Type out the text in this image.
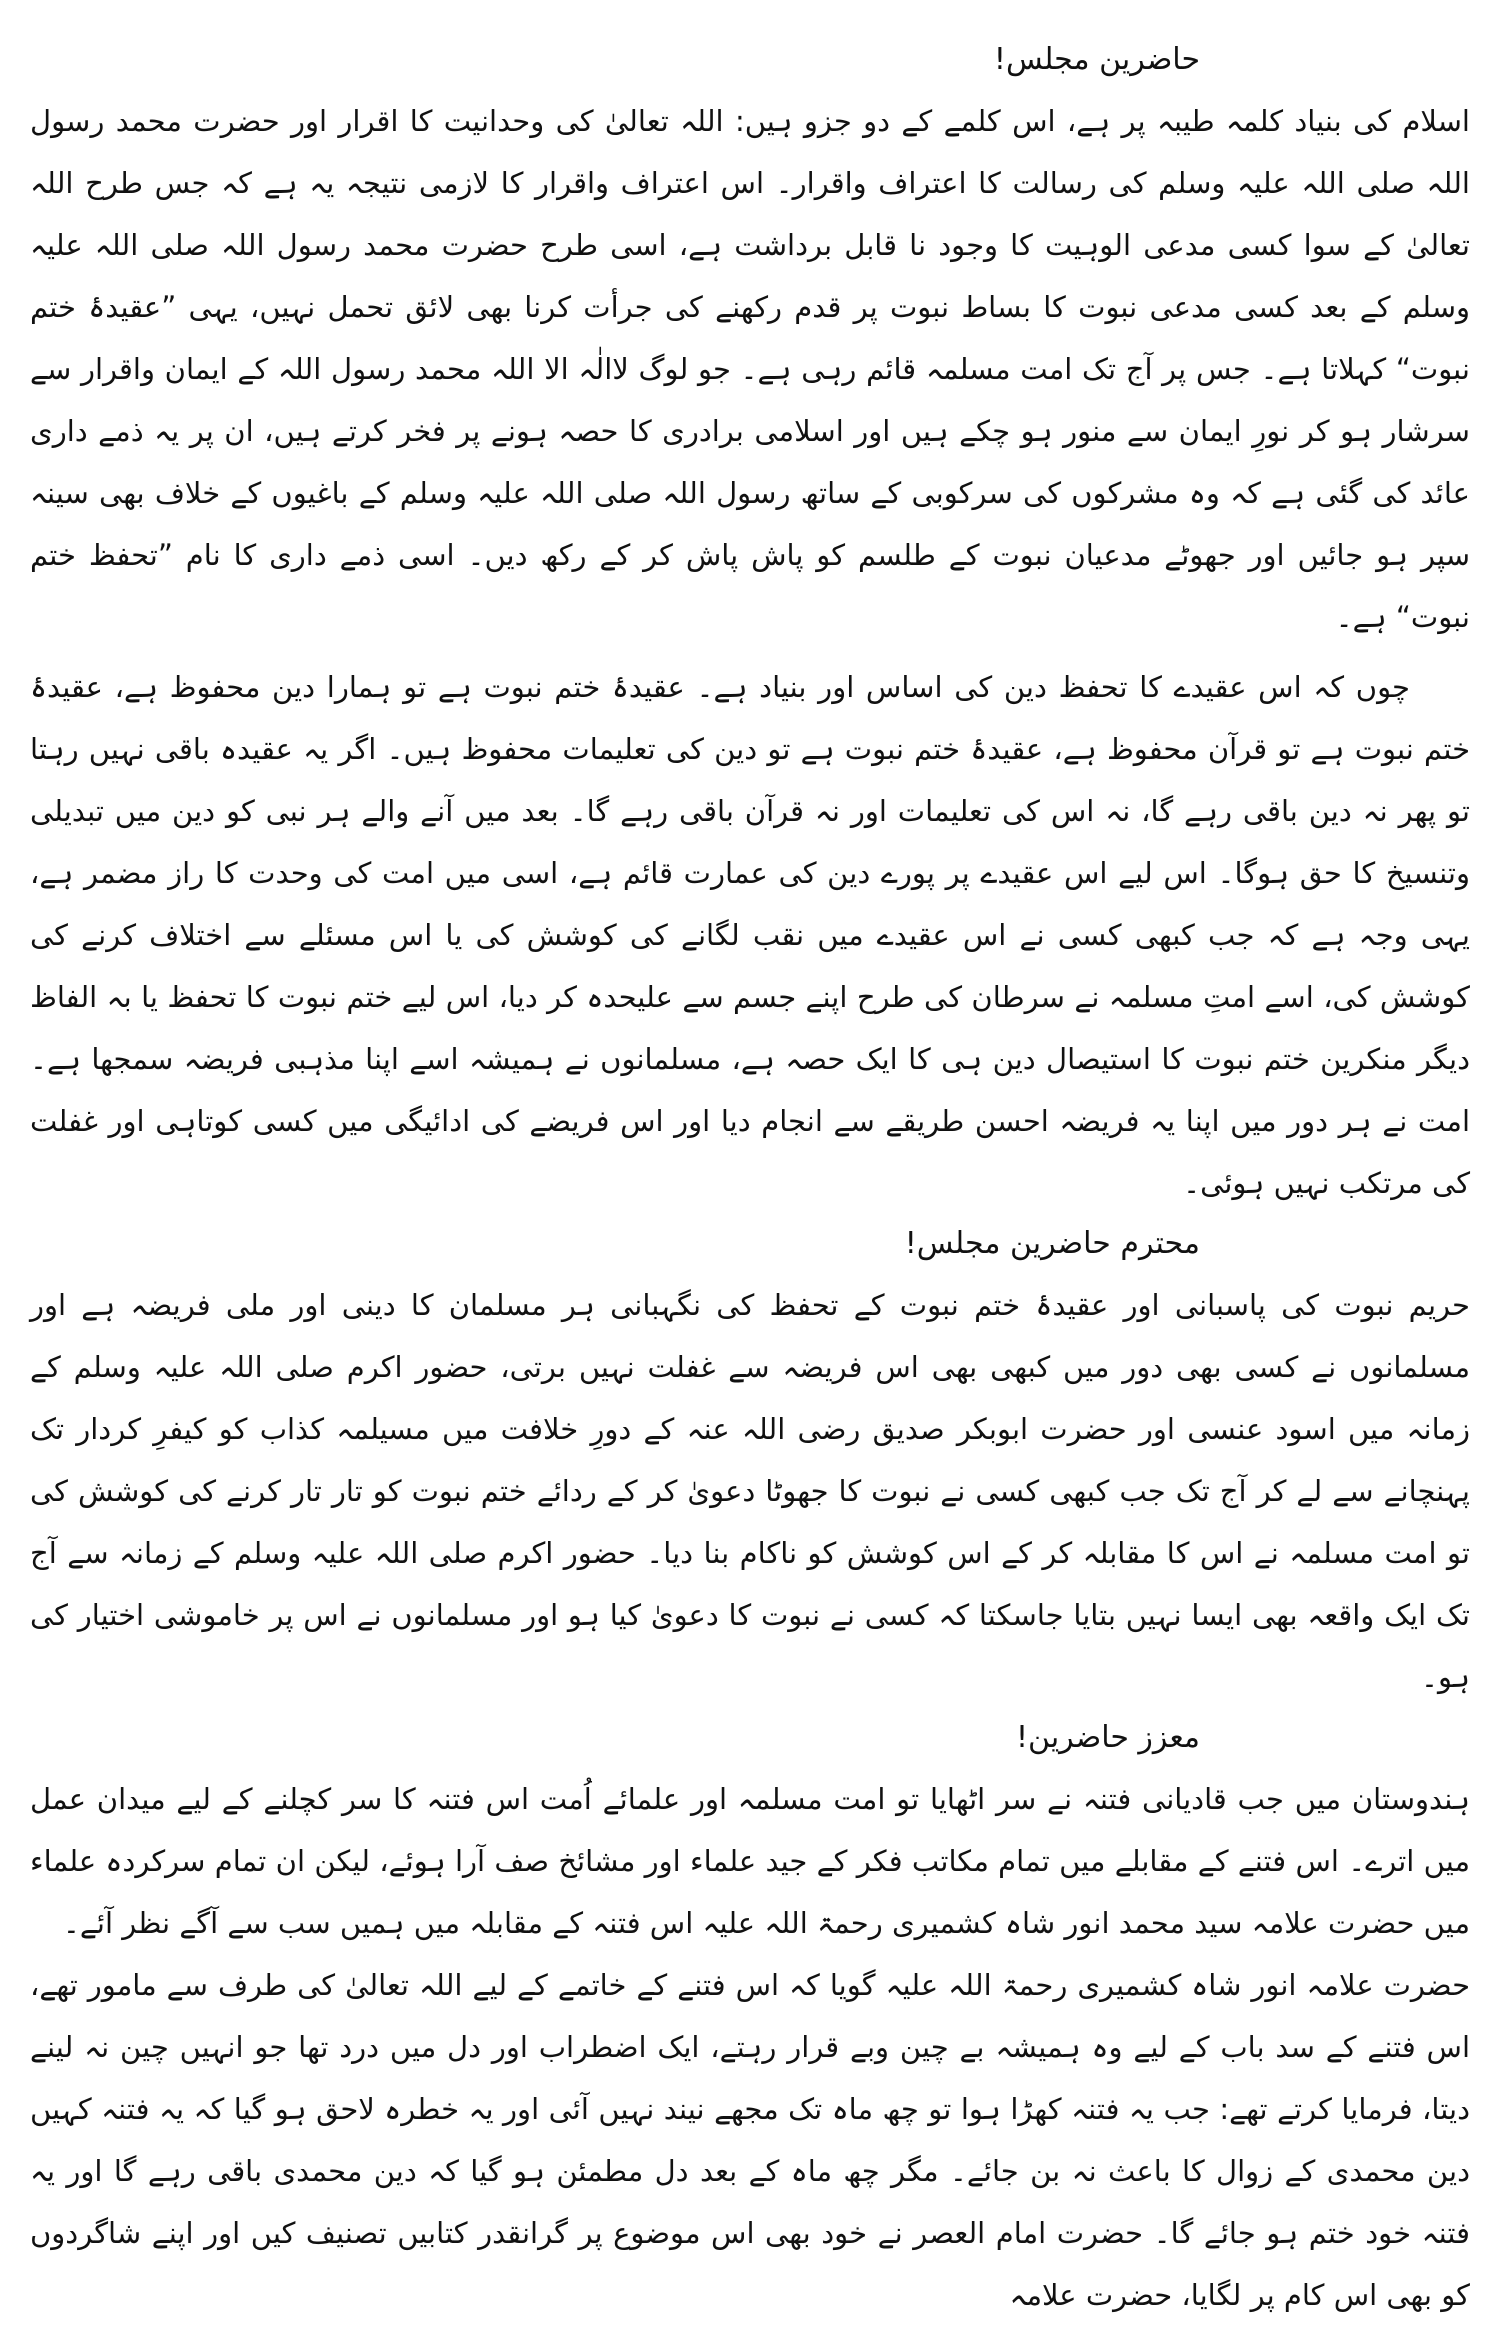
حاضرین مجلس!

اسلام کی بنیاد کلمہ طیبہ پر ہے، اس کلمے کے دو جزو ہیں: اللہ تعالیٰ کی وحدانیت کا اقرار اور حضرت محمد رسول اللہ صلی اللہ علیہ وسلم کی رسالت کا اعتراف واقرار۔ اس اعتراف واقرار کا لازمی نتیجہ یہ ہے کہ جس طرح اللہ تعالیٰ کے سوا کسی مدعی الوہیت کا وجود نا قابل برداشت ہے، اسی طرح حضرت محمد رسول اللہ صلی اللہ علیہ وسلم کے بعد کسی مدعی نبوت کا بساط نبوت پر قدم رکھنے کی جرأت کرنا بھی لائق تحمل نہیں، یہی ”عقیدۂ ختم نبوت“ کہلاتا ہے۔ جس پر آج تک امت مسلمہ قائم رہی ہے۔ جو لوگ لاالٰہ الا اللہ محمد رسول اللہ کے ایمان واقرار سے سرشار ہو کر نورِ ایمان سے منور ہو چکے ہیں اور اسلامی برادری کا حصہ ہونے پر فخر کرتے ہیں، ان پر یہ ذمے داری عائد کی گئی ہے کہ وہ مشرکوں کی سرکوبی کے ساتھ رسول اللہ صلی اللہ علیہ وسلم کے باغیوں کے خلاف بھی سینہ سپر ہو جائیں اور جھوٹے مدعیان نبوت کے طلسم کو پاش پاش کر کے رکھ دیں۔ اسی ذمے داری کا نام ”تحفظ ختم نبوت“ ہے۔

چوں کہ اس عقیدے کا تحفظ دین کی اساس اور بنیاد ہے۔ عقیدۂ ختم نبوت ہے تو ہمارا دین محفوظ ہے، عقیدۂ ختم نبوت ہے تو قرآن محفوظ ہے، عقیدۂ ختم نبوت ہے تو دین کی تعلیمات محفوظ ہیں۔ اگر یہ عقیدہ باقی نہیں رہتا تو پھر نہ دین باقی رہے گا، نہ اس کی تعلیمات اور نہ قرآن باقی رہے گا۔ بعد میں آنے والے ہر نبی کو دین میں تبدیلی وتنسیخ کا حق ہوگا۔ اس لیے اس عقیدے پر پورے دین کی عمارت قائم ہے، اسی میں امت کی وحدت کا راز مضمر ہے، یہی وجہ ہے کہ جب کبھی کسی نے اس عقیدے میں نقب لگانے کی کوشش کی یا اس مسئلے سے اختلاف کرنے کی کوشش کی، اسے امتِ مسلمہ نے سرطان کی طرح اپنے جسم سے علیحدہ کر دیا، اس لیے ختم نبوت کا تحفظ یا بہ الفاظ دیگر منکرین ختم نبوت کا استیصال دین ہی کا ایک حصہ ہے، مسلمانوں نے ہمیشہ اسے اپنا مذہبی فریضہ سمجھا ہے۔ امت نے ہر دور میں اپنا یہ فریضہ احسن طریقے سے انجام دیا اور اس فریضے کی ادائیگی میں کسی کوتاہی اور غفلت کی مرتکب نہیں ہوئی۔

محترم حاضرین مجلس!

حریم نبوت کی پاسبانی اور عقیدۂ ختم نبوت کے تحفظ کی نگہبانی ہر مسلمان کا دینی اور ملی فریضہ ہے اور مسلمانوں نے کسی بھی دور میں کبھی بھی اس فریضہ سے غفلت نہیں برتی، حضور اکرم صلی اللہ علیہ وسلم کے زمانہ میں اسود عنسی اور حضرت ابوبکر صدیق رضی اللہ عنہ کے دورِ خلافت میں مسیلمہ کذاب کو کیفرِ کردار تک پہنچانے سے لے کر آج تک جب کبھی کسی نے نبوت کا جھوٹا دعویٰ کر کے ردائے ختم نبوت کو تار تار کرنے کی کوشش کی تو امت مسلمہ نے اس کا مقابلہ کر کے اس کوشش کو ناکام بنا دیا۔ حضور اکرم صلی اللہ علیہ وسلم کے زمانہ سے آج تک ایک واقعہ بھی ایسا نہیں بتایا جاسکتا کہ کسی نے نبوت کا دعویٰ کیا ہو اور مسلمانوں نے اس پر خاموشی اختیار کی ہو۔

معزز حاضرین!

ہندوستان میں جب قادیانی فتنہ نے سر اٹھایا تو امت مسلمہ اور علمائے اُمت اس فتنہ کا سر کچلنے کے لیے میدان عمل میں اترے۔ اس فتنے کے مقابلے میں تمام مکاتب فکر کے جید علماء اور مشائخ صف آرا ہوئے، لیکن ان تمام سرکردہ علماء میں حضرت علامہ سید محمد انور شاہ کشمیری رحمۃ اللہ علیہ اس فتنہ کے مقابلہ میں ہمیں سب سے آگے نظر آئے۔

حضرت علامہ انور شاہ کشمیری رحمۃ اللہ علیہ گویا کہ اس فتنے کے خاتمے کے لیے اللہ تعالیٰ کی طرف سے مامور تھے، اس فتنے کے سد باب کے لیے وہ ہمیشہ بے چین وبے قرار رہتے، ایک اضطراب اور دل میں درد تھا جو انہیں چین نہ لینے دیتا، فرمایا کرتے تھے: جب یہ فتنہ کھڑا ہوا تو چھ ماہ تک مجھے نیند نہیں آئی اور یہ خطرہ لاحق ہو گیا کہ یہ فتنہ کہیں دین محمدی کے زوال کا باعث نہ بن جائے۔ مگر چھ ماہ کے بعد دل مطمئن ہو گیا کہ دین محمدی باقی رہے گا اور یہ فتنہ خود ختم ہو جائے گا۔ حضرت امام العصر نے خود بھی اس موضوع پر گرانقدر کتابیں تصنیف کیں اور اپنے شاگردوں کو بھی اس کام پر لگایا، حضرت علامہ
